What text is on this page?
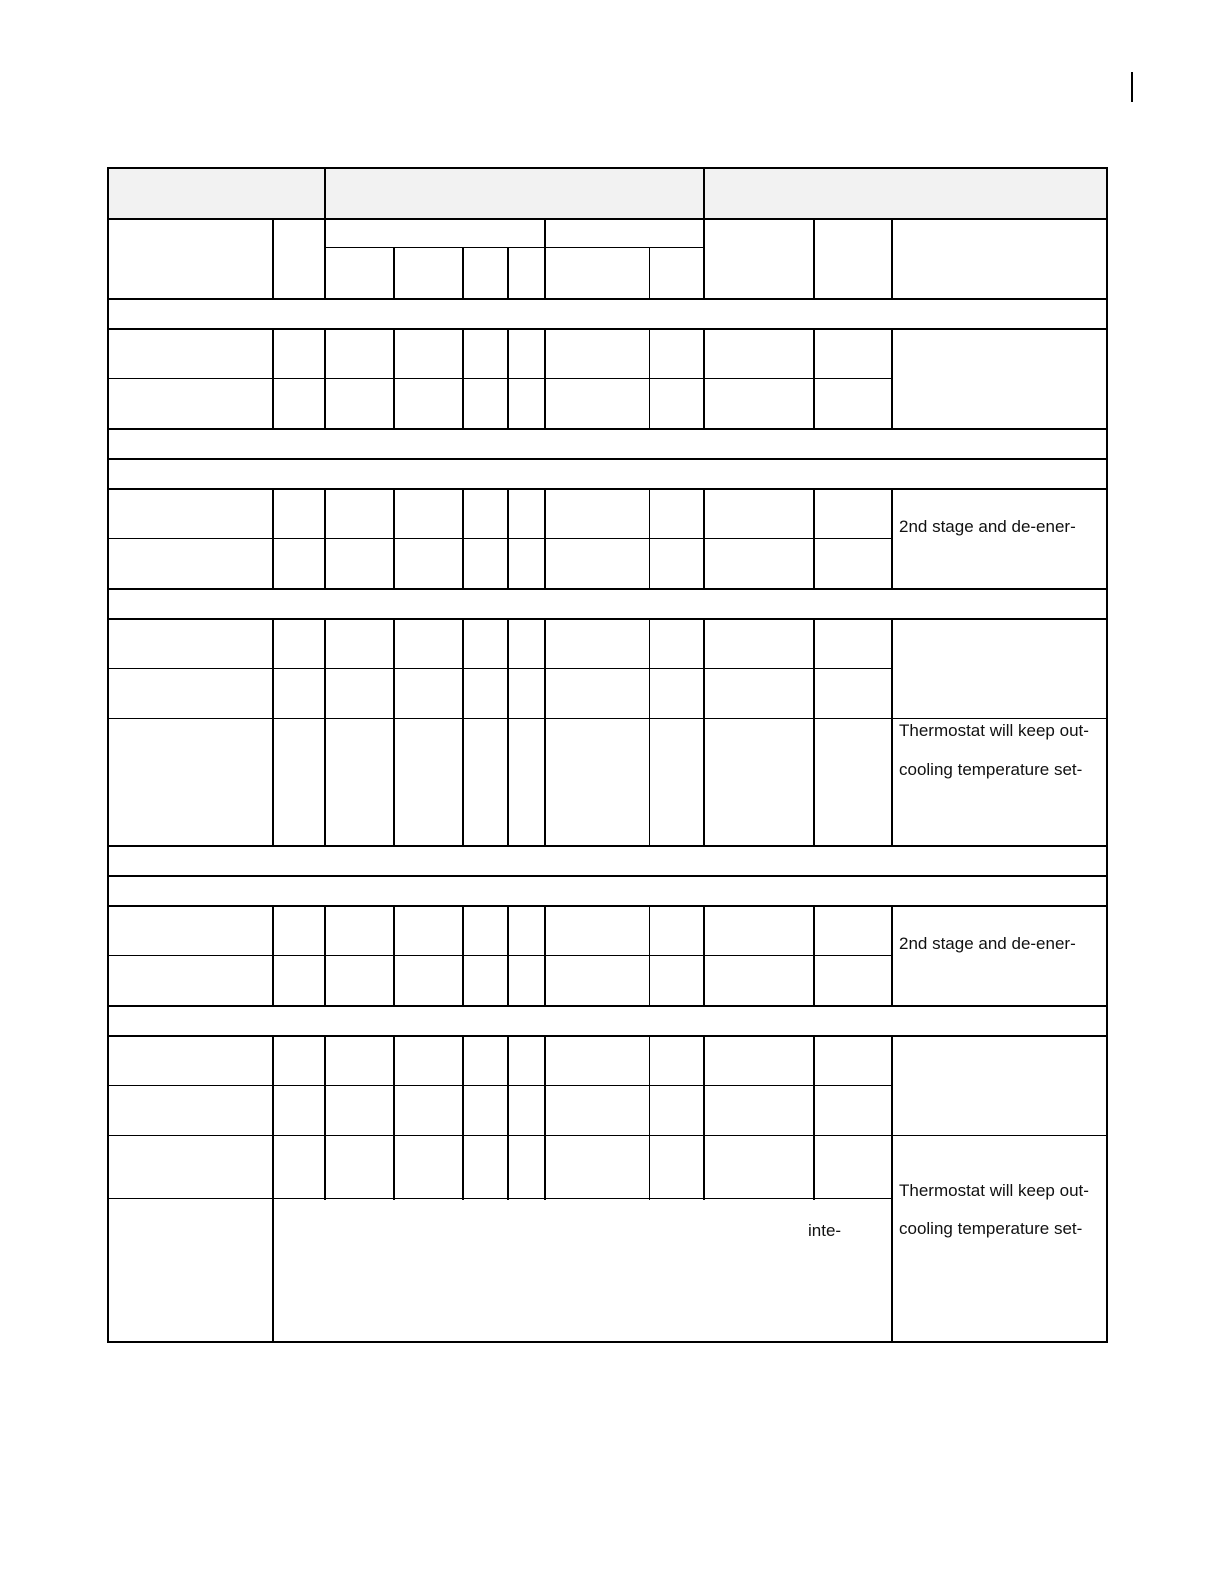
2nd stage and de-ener-
Thermostat will keep out-
cooling temperature set-
2nd stage and de-ener-
Thermostat will keep out-
cooling temperature set-
inte-
